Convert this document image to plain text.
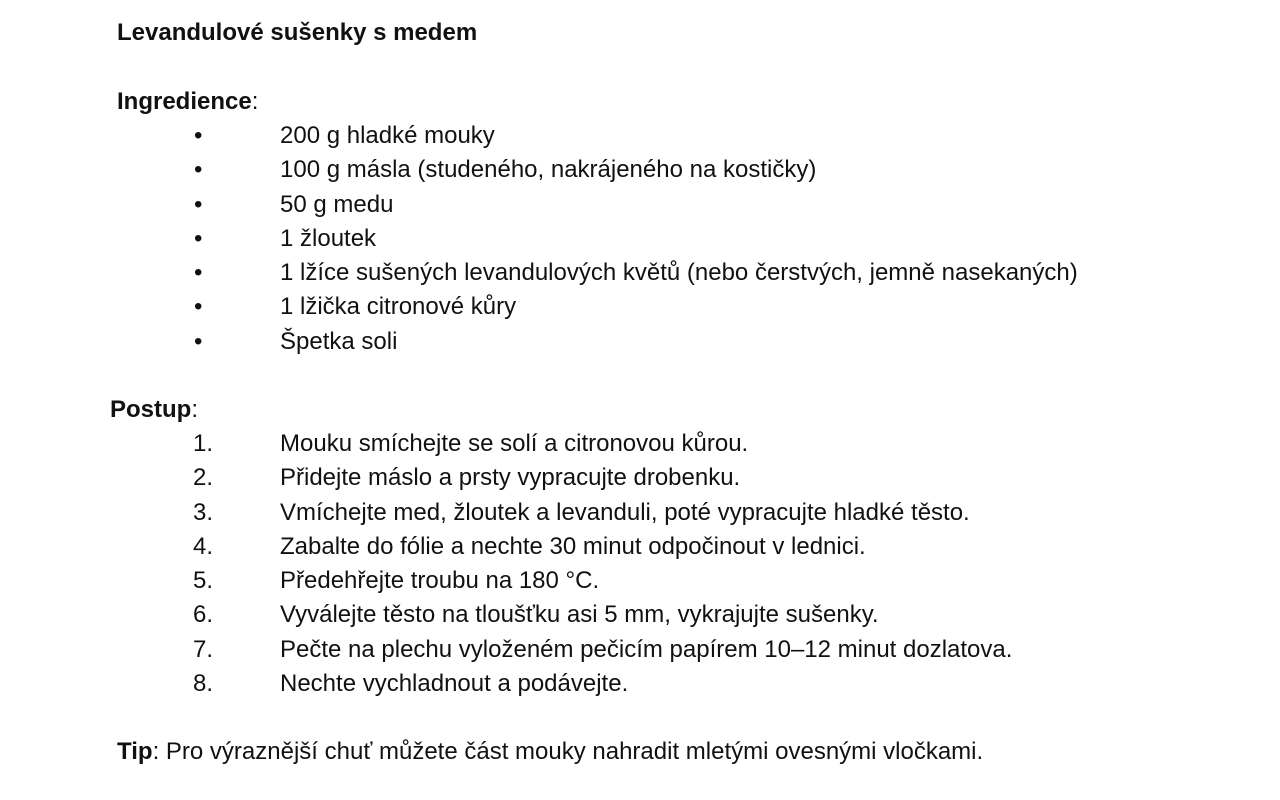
Levandulové sušenky s medem

Ingredience:

•	200 g hladké mouky
•	100 g másla (studeného, nakrájeného na kostičky)
•	50 g medu
•	1 žloutek
•	1 lžíce sušených levandulových květů (nebo čerstvých, jemně nasekaných)
•	1 lžička citronové kůry
•	Špetka soli

Postup:

1.	Mouku smíchejte se solí a citronovou kůrou.
2.	Přidejte máslo a prsty vypracujte drobenku.
3.	Vmíchejte med, žloutek a levanduli, poté vypracujte hladké těsto.
4.	Zabalte do fólie a nechte 30 minut odpočinout v lednici.
5.	Předehřejte troubu na 180 °C.
6.	Vyválejte těsto na tloušťku asi 5 mm, vykrajujte sušenky.
7.	Pečte na plechu vyloženém pečicím papírem 10–12 minut dozlatova.
8.	Nechte vychladnout a podávejte.

Tip: Pro výraznější chuť můžete část mouky nahradit mletými ovesnými vločkami.
